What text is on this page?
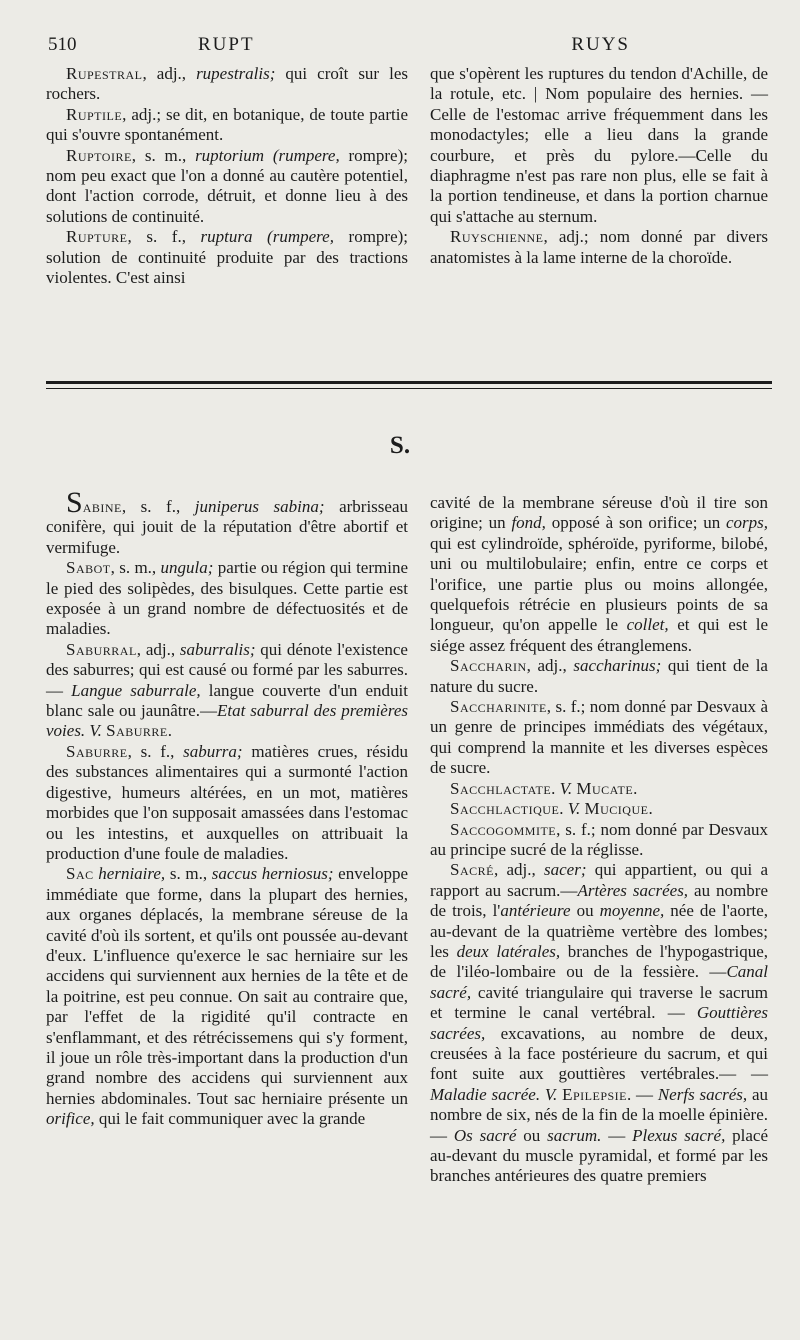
510	RUPT	RUYS

Rupestral, adj., rupestralis; qui croît sur les rochers.

Ruptile, adj.; se dit, en botanique, de toute partie qui s'ouvre spontanément.

Ruptoire, s. m., ruptorium (rumpere, rompre); nom peu exact que l'on a donné au cautère potentiel, dont l'action corrode, détruit, et donne lieu à des solutions de continuité.

Rupture, s. f., ruptura (rumpere, rompre); solution de continuité produite par des tractions violentes. C'est ainsi

que s'opèrent les ruptures du tendon d'Achille, de la rotule, etc. | Nom populaire des hernies. — Celle de l'estomac arrive fréquemment dans les monodactyles; elle a lieu dans la grande courbure, et près du pylore.—Celle du diaphragme n'est pas rare non plus, elle se fait à la portion tendineuse, et dans la portion charnue qui s'attache au sternum.

Ruyschienne, adj.; nom donné par divers anatomistes à la lame interne de la choroïde.

S.

Sabine, s. f., juniperus sabina; arbrisseau conifère, qui jouit de la réputation d'être abortif et vermifuge.

Sabot, s. m., ungula; partie ou région qui termine le pied des solipèdes, des bisulques. Cette partie est exposée à un grand nombre de défectuosités et de maladies.

Saburral, adj., saburralis; qui dénote l'existence des saburres; qui est causé ou formé par les saburres. — Langue saburrale, langue couverte d'un enduit blanc sale ou jaunâtre.—Etat saburral des premières voies. V. Saburre.

Saburre, s. f., saburra; matières crues, résidu des substances alimentaires qui a surmonté l'action digestive, humeurs altérées, en un mot, matières morbides que l'on supposait amassées dans l'estomac ou les intestins, et auxquelles on attribuait la production d'une foule de maladies.

Sac herniaire, s. m., saccus herniosus; enveloppe immédiate que forme, dans la plupart des hernies, aux organes déplacés, la membrane séreuse de la cavité d'où ils sortent, et qu'ils ont poussée au-devant d'eux. L'influence qu'exerce le sac herniaire sur les accidens qui surviennent aux hernies de la tête et de la poitrine, est peu connue. On sait au contraire que, par l'effet de la rigidité qu'il contracte en s'enflammant, et des rétrécissemens qui s'y forment, il joue un rôle très-important dans la production d'un grand nombre des accidens qui surviennent aux hernies abdominales. Tout sac herniaire présente un orifice, qui le fait communiquer avec la grande

cavité de la membrane séreuse d'où il tire son origine; un fond, opposé à son orifice; un corps, qui est cylindroïde, sphéroïde, pyriforme, bilobé, uni ou multilobulaire; enfin, entre ce corps et l'orifice, une partie plus ou moins allongée, quelquefois rétrécie en plusieurs points de sa longueur, qu'on appelle le collet, et qui est le siége assez fréquent des étranglemens.

Saccharin, adj., saccharinus; qui tient de la nature du sucre.

Saccharinite, s. f.; nom donné par Desvaux à un genre de principes immédiats des végétaux, qui comprend la mannite et les diverses espèces de sucre.

Sacchlactate. V. Mucate.

Sacchlactique. V. Mucique.

Saccogommite, s. f.; nom donné par Desvaux au principe sucré de la réglisse.

Sacré, adj., sacer; qui appartient, ou qui a rapport au sacrum.—Artères sacrées, au nombre de trois, l'antérieure ou moyenne, née de l'aorte, au-devant de la quatrième vertèbre des lombes; les deux latérales, branches de l'hypogastrique, de l'iléo-lombaire ou de la fessière. —Canal sacré, cavité triangulaire qui traverse le sacrum et termine le canal vertébral. — Gouttières sacrées, excavations, au nombre de deux, creusées à la face postérieure du sacrum, et qui font suite aux gouttières vertébrales.— —Maladie sacrée. V. Epilepsie. — Nerfs sacrés, au nombre de six, nés de la fin de la moelle épinière. — Os sacré ou sacrum. — Plexus sacré, placé au-devant du muscle pyramidal, et formé par les branches antérieures des quatre premiers
